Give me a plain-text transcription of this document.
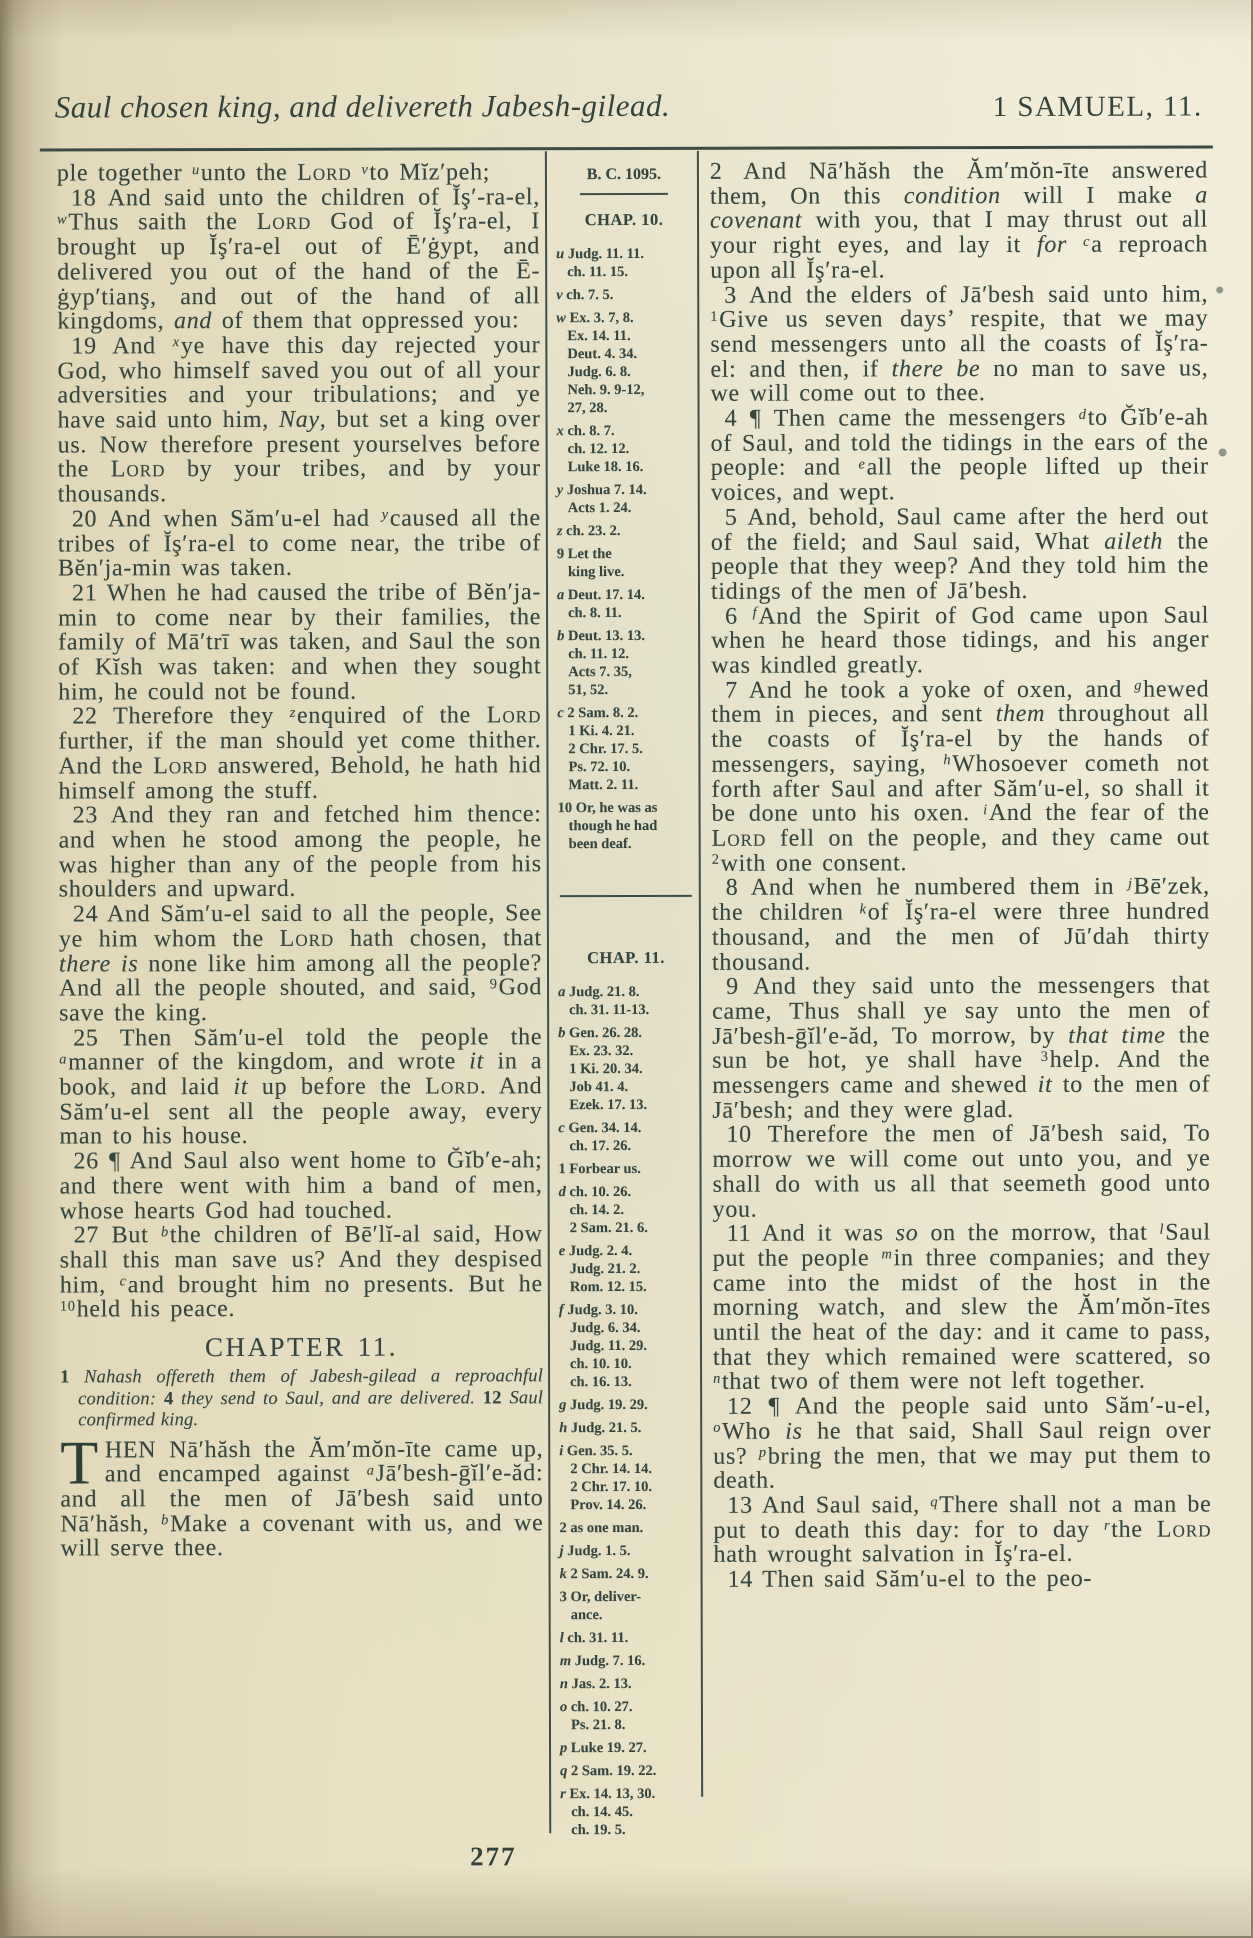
Saul chosen king, and delivereth Jabesh-gilead.	1 SAMUEL, 11.
ple together $^u$unto the Lord $^v$to Mĭz′peh;
18 And said unto the children of Ĭş′-ra-el, $^w$Thus saith the Lord God of Ĭş′ra-el, I brought up Ĭş′ra-el out of Ē′ġypt, and delivered you out of the hand of the Ē-ġyp′tianş, and out of the hand of all kingdoms, and of them that oppressed you:
19 And $^x$ye have this day rejected your God, who himself saved you out of all your adversities and your tribulations; and ye have said unto him, Nay, but set a king over us. Now therefore present yourselves before the Lord by your tribes, and by your thousands.
20 And when Săm′u-el had $^y$caused all the tribes of Ĭş′ra-el to come near, the tribe of Bĕn′ja-min was taken.
21 When he had caused the tribe of Bĕn′ja-min to come near by their families, the family of Mā′trī was taken, and Saul the son of Kĭsh was taken: and when they sought him, he could not be found.
22 Therefore they $^z$enquired of the Lord further, if the man should yet come thither. And the Lord answered, Behold, he hath hid himself among the stuff.
23 And they ran and fetched him thence: and when he stood among the people, he was higher than any of the people from his shoulders and upward.
24 And Săm′u-el said to all the people, See ye him whom the Lord hath chosen, that there is none like him among all the people? And all the people shouted, and said, $^9$God save the king.
25 Then Săm′u-el told the people the $^a$manner of the kingdom, and wrote it in a book, and laid it up before the Lord. And Săm′u-el sent all the people away, every man to his house.
26 ¶ And Saul also went home to Ğĭb′e-ah; and there went with him a band of men, whose hearts God had touched.
27 But $^b$the children of Bē′lĭ-al said, How shall this man save us? And they despised him, $^c$and brought him no presents. But he $^{10}$held his peace.
CHAPTER 11.
1 Nahash offereth them of Jabesh-gilead a reproachful condition: 4 they send to Saul, and are delivered. 12 Saul confirmed king.
THEN Nā′hăsh the Ăm′mŏn-īte came up, and encamped against $^a$Jā′besh-ḡĭl′e-ăd: and all the men of Jā′besh said unto Nā′hăsh, $^b$Make a covenant with us, and we will serve thee.
B. C. 1095.
CHAP. 10.
u Judg. 11. 11.
ch. 11. 15.
v ch. 7. 5.
w Ex. 3. 7, 8.
Ex. 14. 11.
Deut. 4. 34.
Judg. 6. 8.
Neh. 9. 9-12,
27, 28.
x ch. 8. 7.
ch. 12. 12.
Luke 18. 16.
y Joshua 7. 14.
Acts 1. 24.
z ch. 23. 2.
9 Let the
king live.
a Deut. 17. 14.
ch. 8. 11.
b Deut. 13. 13.
ch. 11. 12.
Acts 7. 35,
51, 52.
c 2 Sam. 8. 2.
1 Ki. 4. 21.
2 Chr. 17. 5.
Ps. 72. 10.
Matt. 2. 11.
10 Or, he was as
though he had
been deaf.
CHAP. 11.
a Judg. 21. 8.
ch. 31. 11-13.
b Gen. 26. 28.
Ex. 23. 32.
1 Ki. 20. 34.
Job 41. 4.
Ezek. 17. 13.
c Gen. 34. 14.
ch. 17. 26.
1 Forbear us.
d ch. 10. 26.
ch. 14. 2.
2 Sam. 21. 6.
e Judg. 2. 4.
Judg. 21. 2.
Rom. 12. 15.
f Judg. 3. 10.
Judg. 6. 34.
Judg. 11. 29.
ch. 10. 10.
ch. 16. 13.
g Judg. 19. 29.
h Judg. 21. 5.
i Gen. 35. 5.
2 Chr. 14. 14.
2 Chr. 17. 10.
Prov. 14. 26.
2 as one man.
j Judg. 1. 5.
k 2 Sam. 24. 9.
3 Or, deliver-
ance.
l ch. 31. 11.
m Judg. 7. 16.
n Jas. 2. 13.
o ch. 10. 27.
Ps. 21. 8.
p Luke 19. 27.
q 2 Sam. 19. 22.
r Ex. 14. 13, 30.
ch. 14. 45.
ch. 19. 5.
2 And Nā′hăsh the Ăm′mŏn-īte answered them, On this condition will I make a covenant with you, that I may thrust out all your right eyes, and lay it for $^c$a reproach upon all Ĭş′ra-el.
3 And the elders of Jā′besh said unto him, $^1$Give us seven days’ respite, that we may send messengers unto all the coasts of Ĭş′ra-el: and then, if there be no man to save us, we will come out to thee.
4 ¶ Then came the messengers $^d$to Ğĭb′e-ah of Saul, and told the tidings in the ears of the people: and $^e$all the people lifted up their voices, and wept.
5 And, behold, Saul came after the herd out of the field; and Saul said, What aileth the people that they weep? And they told him the tidings of the men of Jā′besh.
6 $^f$And the Spirit of God came upon Saul when he heard those tidings, and his anger was kindled greatly.
7 And he took a yoke of oxen, and $^g$hewed them in pieces, and sent them throughout all the coasts of Ĭş′ra-el by the hands of messengers, saying, $^h$Whosoever cometh not forth after Saul and after Săm′u-el, so shall it be done unto his oxen. $^i$And the fear of the Lord fell on the people, and they came out $^2$with one consent.
8 And when he numbered them in $^j$Bē′zek, the children $^k$of Ĭş′ra-el were three hundred thousand, and the men of Jū′dah thirty thousand.
9 And they said unto the messengers that came, Thus shall ye say unto the men of Jā′besh-ḡĭl′e-ăd, To morrow, by that time the sun be hot, ye shall have $^3$help. And the messengers came and shewed it to the men of Jā′besh; and they were glad.
10 Therefore the men of Jā′besh said, To morrow we will come out unto you, and ye shall do with us all that seemeth good unto you.
11 And it was so on the morrow, that $^l$Saul put the people $^m$in three companies; and they came into the midst of the host in the morning watch, and slew the Ăm′mŏn-ītes until the heat of the day: and it came to pass, that they which remained were scattered, so $^n$that two of them were not left together.
12 ¶ And the people said unto Săm′-u-el, $^o$Who is he that said, Shall Saul reign over us? $^p$bring the men, that we may put them to death.
13 And Saul said, $^q$There shall not a man be put to death this day: for to day $^r$the Lord hath wrought salvation in Ĭş′ra-el.
14 Then said Săm′u-el to the peo-
277
